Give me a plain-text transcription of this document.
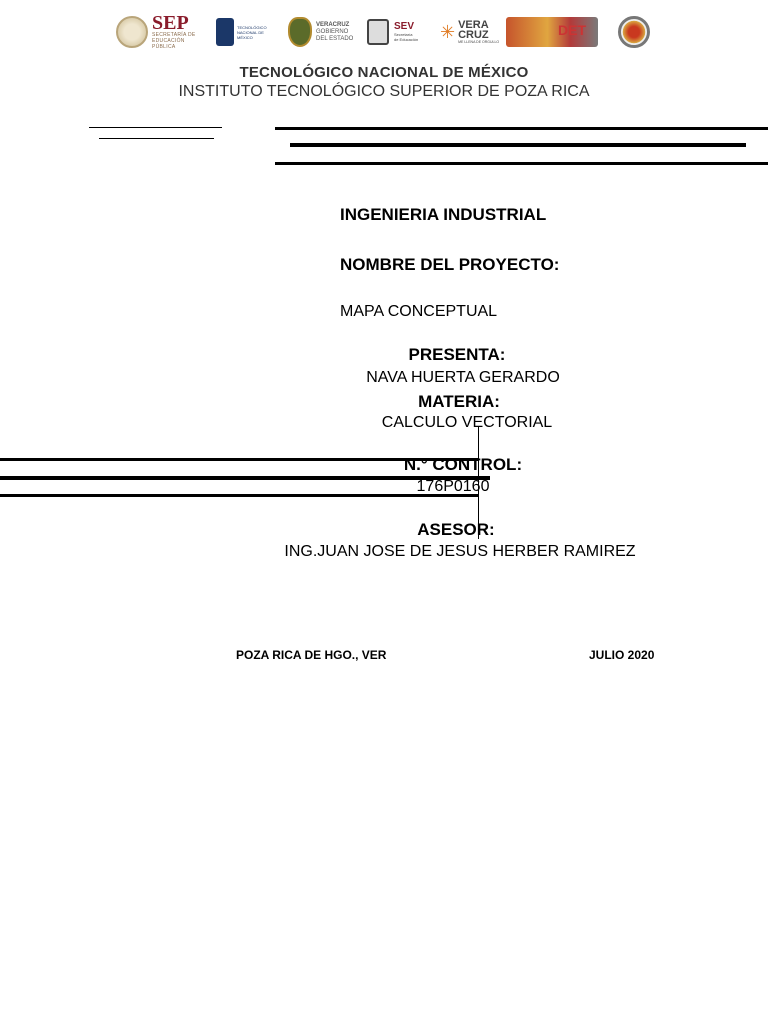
SEP
SECRETARÍA DE EDUCACIÓN PÚBLICA
TECNOLÓGICO NACIONAL DE MÉXICO
VERACRUZ
GOBIERNO
DEL ESTADO
SEV
Secretaría
de Educación ✳ VERA
CRUZ
ME LLENA DE ORGULLO
DET
TECNOLÓGICO NACIONAL DE MÉXICO
INSTITUTO TECNOLÓGICO SUPERIOR DE POZA RICA
INGENIERIA INDUSTRIAL
NOMBRE DEL PROYECTO:
MAPA CONCEPTUAL
PRESENTA:
NAVA HUERTA GERARDO
MATERIA:
CALCULO VECTORIAL
N.° CONTROL:
176P0160
ASESOR:
ING.JUAN JOSE DE JESUS HERBER RAMIREZ
POZA RICA DE HGO., VER	JULIO 2020
